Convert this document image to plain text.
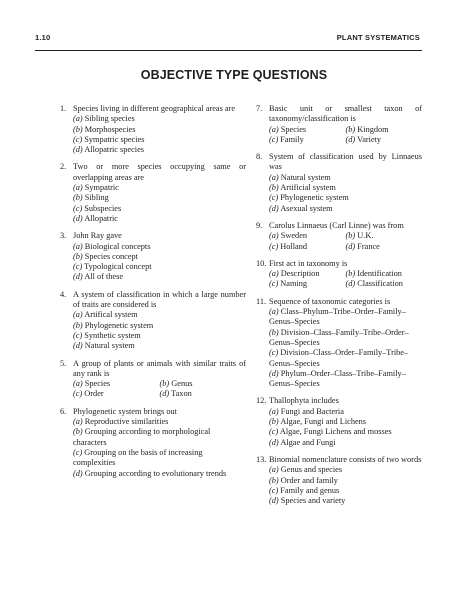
1.10	PLANT SYSTEMATICS
OBJECTIVE TYPE QUESTIONS
1. Species living in different geographical areas are
(a) Sibling species
(b) Morphospecies
(c) Sympatric species
(d) Allopatric species
2. Two or more species occupying same or overlapping areas are
(a) Sympatric
(b) Sibling
(c) Subspecies
(d) Allopatric
3. John Ray gave
(a) Biological concepts
(b) Species concept
(c) Typological concept
(d) All of these
4. A system of classification in which a large number of traits are considered is
(a) Artifical system
(b) Phylogenetic system
(c) Synthetic system
(d) Natural system
5. A group of plants or animals with similar traits of any rank is
(a) Species	(b) Genus
(c) Order	(d) Taxon
6. Phylogenetic system brings out
(a) Reproductive similarities
(b) Grouping according to morphological characters
(c) Grouping on the basis of increasing complexities
(d) Grouping according to evolutionary trends
7. Basic unit or smallest taxon of taxonomy/classification is
(a) Species	(b) Kingdom
(c) Family	(d) Variety
8. System of classification used by Linnaeus was
(a) Natural system
(b) Artificial system
(c) Phylogenetic system
(d) Asexual system
9. Carolus Linnaeus (Carl Linne) was from
(a) Sweden	(b) U.K.
(c) Holland	(d) France
10. First act in taxonomy is
(a) Description	(b) Identification
(c) Naming	(d) Classification
11. Sequence of taxonomic categories is
(a) Class–Phylum–Tribe–Order–Family–Genus–Species
(b) Division–Class–Family–Tribe–Order–Genus–Species
(c) Division–Class–Order–Family–Tribe–Genus–Species
(d) Phylum–Order–Class–Tribe–Family–Genus–Species
12. Thallophyta includes
(a) Fungi and Bacteria
(b) Algae, Fungi and Lichens
(c) Algae, Fungi Lichens and mosses
(d) Algae and Fungi
13. Binomial nomenclature consists of two words
(a) Genus and species
(b) Order and family
(c) Family and genus
(d) Species and variety
